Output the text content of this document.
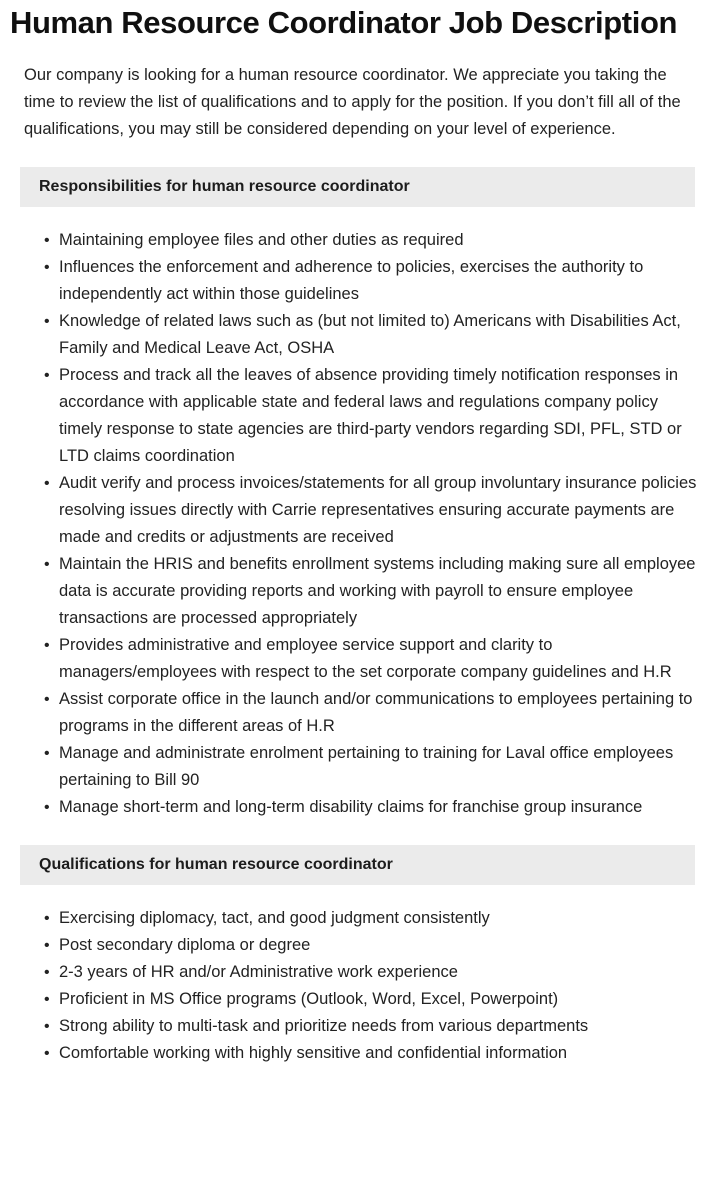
Human Resource Coordinator Job Description

Our company is looking for a human resource coordinator. We appreciate you taking the time to review the list of qualifications and to apply for the position. If you don’t fill all of the qualifications, you may still be considered depending on your level of experience.

Responsibilities for human resource coordinator
• Maintaining employee files and other duties as required
• Influences the enforcement and adherence to policies, exercises the authority to independently act within those guidelines
• Knowledge of related laws such as (but not limited to) Americans with Disabilities Act, Family and Medical Leave Act, OSHA
• Process and track all the leaves of absence providing timely notification responses in accordance with applicable state and federal laws and regulations company policy timely response to state agencies are third-party vendors regarding SDI, PFL, STD or LTD claims coordination
• Audit verify and process invoices/statements for all group involuntary insurance policies resolving issues directly with Carrie representatives ensuring accurate payments are made and credits or adjustments are received
• Maintain the HRIS and benefits enrollment systems including making sure all employee data is accurate providing reports and working with payroll to ensure employee transactions are processed appropriately
• Provides administrative and employee service support and clarity to managers/employees with respect to the set corporate company guidelines and H.R
• Assist corporate office in the launch and/or communications to employees pertaining to programs in the different areas of H.R
• Manage and administrate enrolment pertaining to training for Laval office employees pertaining to Bill 90
• Manage short-term and long-term disability claims for franchise group insurance
Qualifications for human resource coordinator
• Exercising diplomacy, tact, and good judgment consistently
• Post secondary diploma or degree
• 2-3 years of HR and/or Administrative work experience
• Proficient in MS Office programs (Outlook, Word, Excel, Powerpoint)
• Strong ability to multi-task and prioritize needs from various departments
• Comfortable working with highly sensitive and confidential information
